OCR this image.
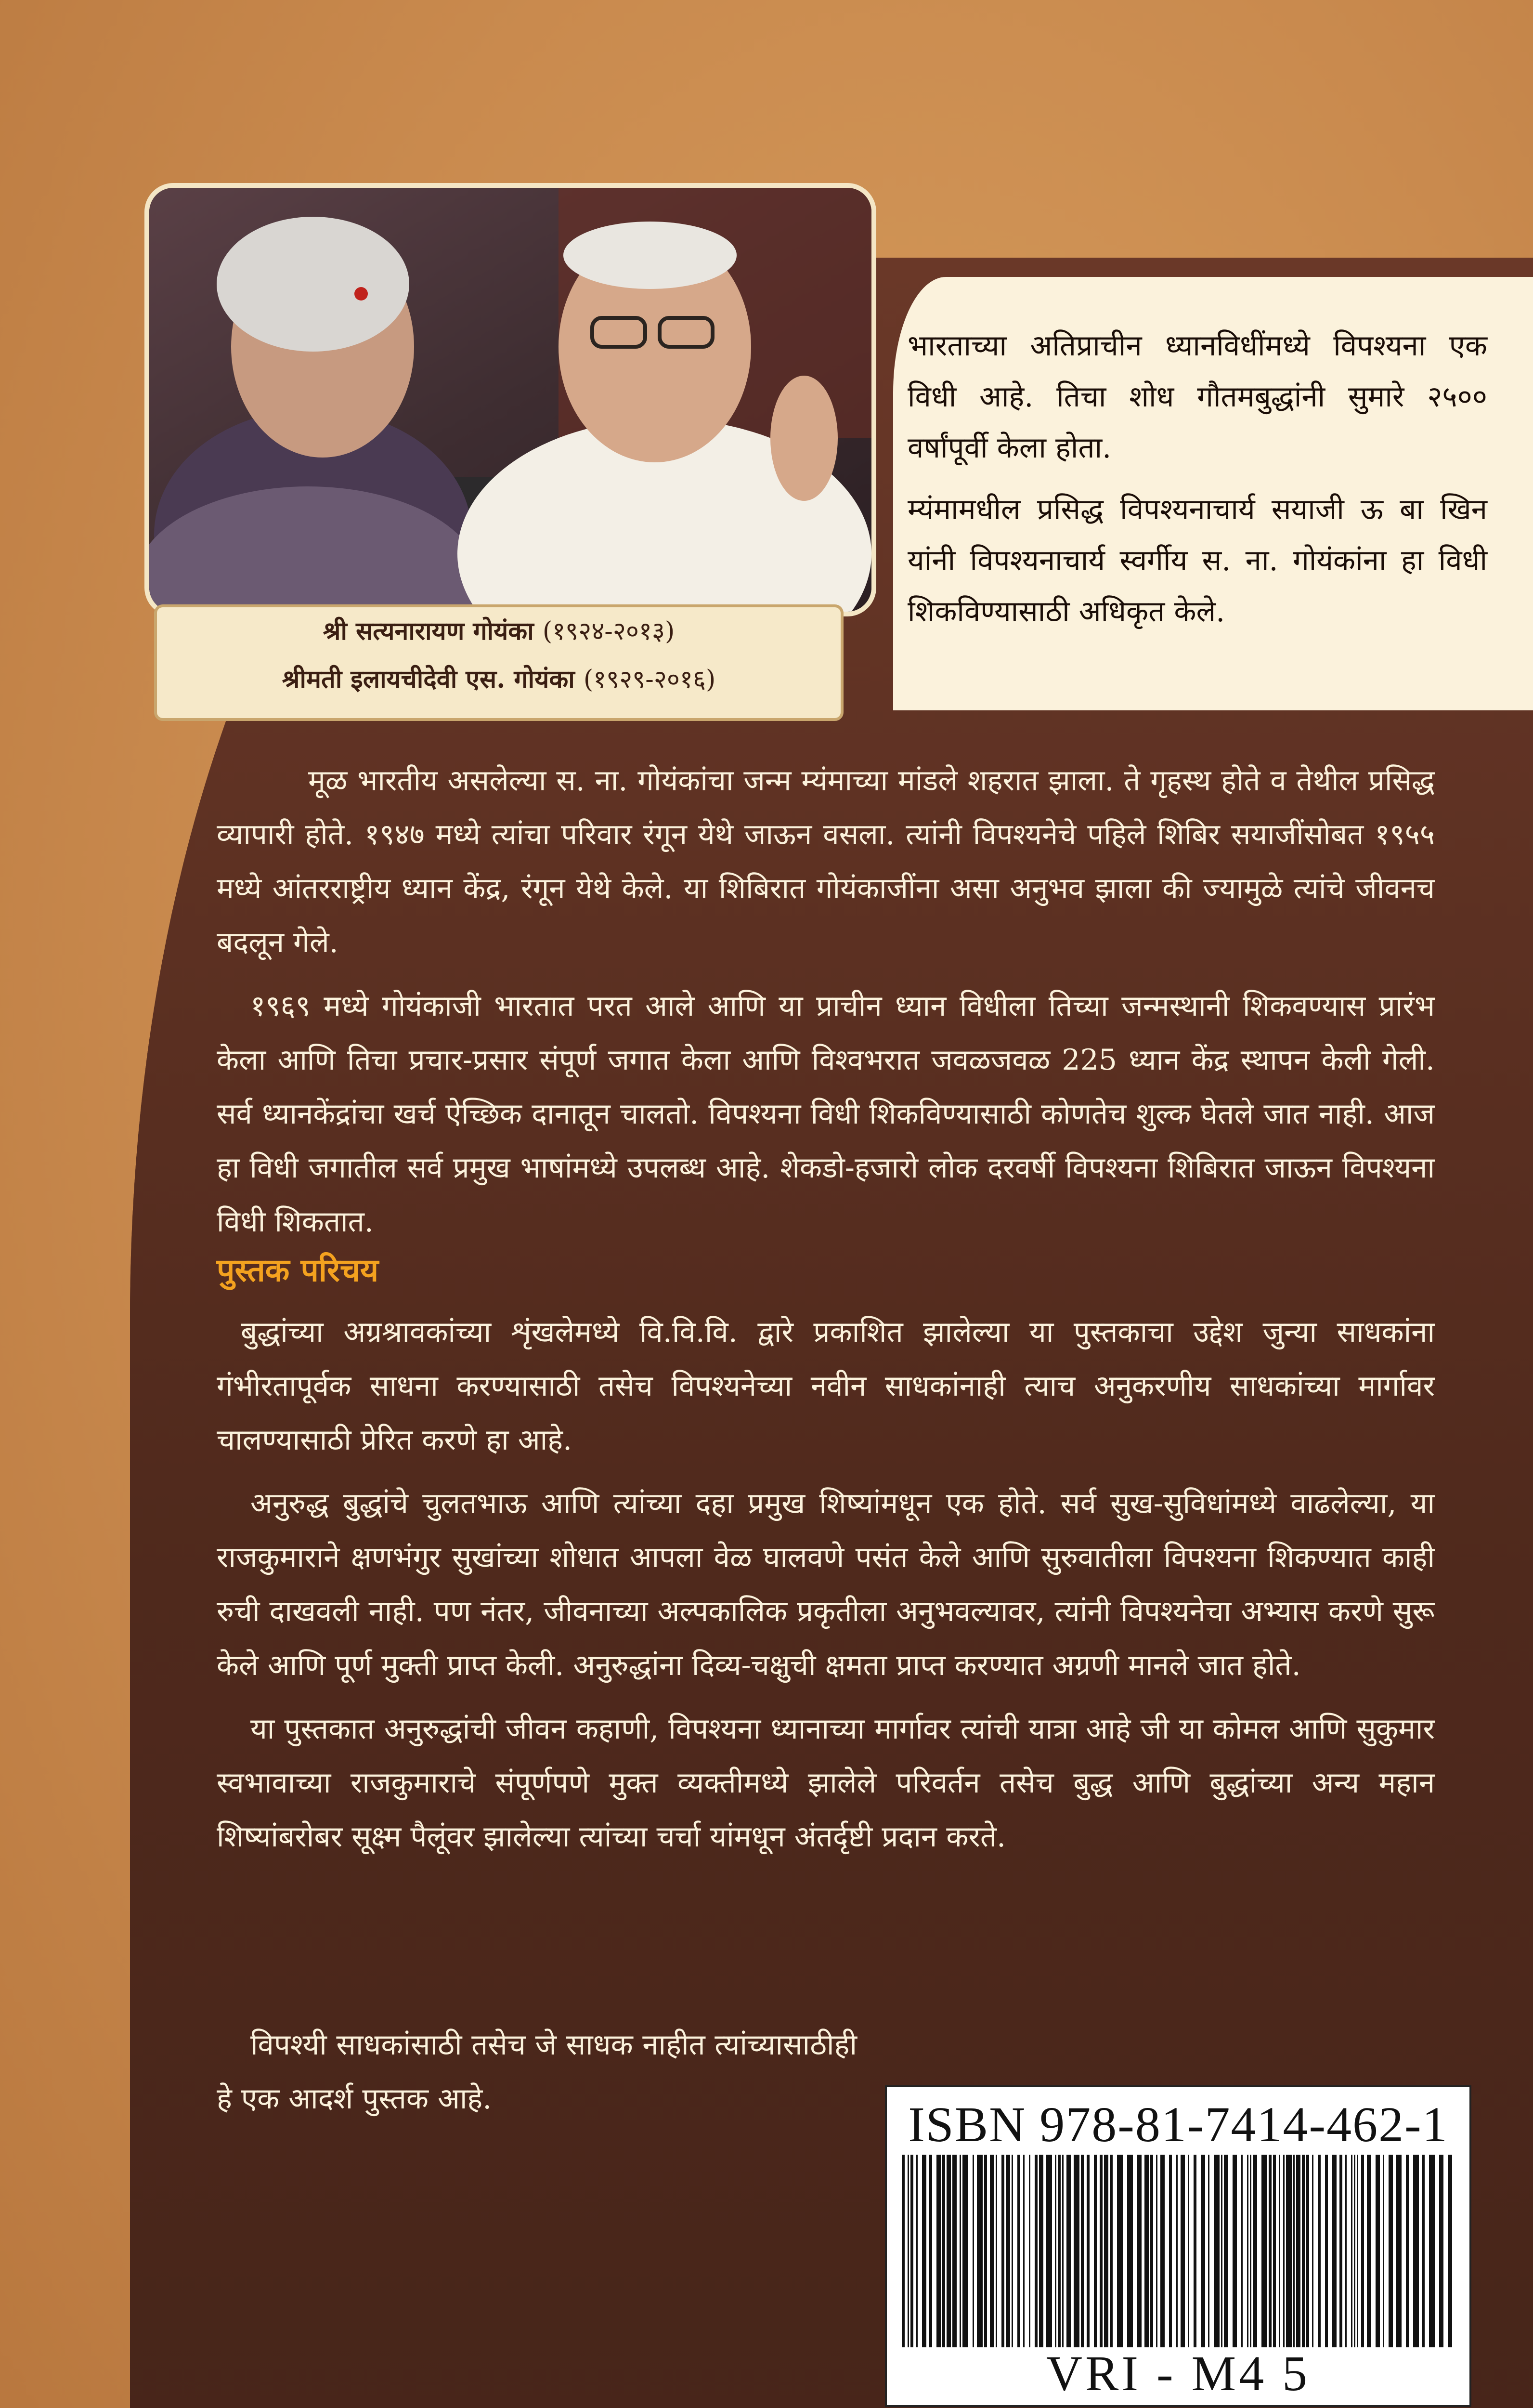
भारताच्या अतिप्राचीन ध्यानविधींमध्ये विपश्यना एक विधी आहे. तिचा शोध गौतमबुद्धांनी सुमारे २५०० वर्षांपूर्वी केला होता.

म्यंमामधील प्रसिद्ध विपश्यनाचार्य सयाजी ऊ बा खिन यांनी विपश्यनाचार्य स्वर्गीय स. ना. गोयंकांना हा विधी शिकविण्यासाठी अधिकृत केले.

श्री सत्यनारायण गोयंका (१९२४-२०१३)
श्रीमती इलायचीदेवी एस. गोयंका (१९२९-२०१६)

मूळ भारतीय असलेल्या स. ना. गोयंकांचा जन्म म्यंमाच्या मांडले शहरात झाला. ते गृहस्थ होते व तेथील प्रसिद्ध व्यापारी होते. १९४७ मध्ये त्यांचा परिवार रंगून येथे जाऊन वसला. त्यांनी विपश्यनेचे पहिले शिबिर सयाजींसोबत १९५५ मध्ये आंतरराष्ट्रीय ध्यान केंद्र, रंगून येथे केले. या शिबिरात गोयंकाजींना असा अनुभव झाला की ज्यामुळे त्यांचे जीवनच बदलून गेले.

१९६९ मध्ये गोयंकाजी भारतात परत आले आणि या प्राचीन ध्यान विधीला तिच्या जन्मस्थानी शिकवण्यास प्रारंभ केला आणि तिचा प्रचार-प्रसार संपूर्ण जगात केला आणि विश्वभरात जवळजवळ 225 ध्यान केंद्र स्थापन केली गेली. सर्व ध्यानकेंद्रांचा खर्च ऐच्छिक दानातून चालतो. विपश्यना विधी शिकविण्यासाठी कोणतेच शुल्क घेतले जात नाही. आज हा विधी जगातील सर्व प्रमुख भाषांमध्ये उपलब्ध आहे. शेकडो-हजारो लोक दरवर्षी विपश्यना शिबिरात जाऊन विपश्यना विधी शिकतात.

पुस्तक परिचय

बुद्धांच्या अग्रश्रावकांच्या शृंखलेमध्ये वि.वि.वि. द्वारे प्रकाशित झालेल्या या पुस्तकाचा उद्देश जुन्या साधकांना गंभीरतापूर्वक साधना करण्यासाठी तसेच विपश्यनेच्या नवीन साधकांनाही त्याच अनुकरणीय साधकांच्या मार्गावर चालण्यासाठी प्रेरित करणे हा आहे.

अनुरुद्ध बुद्धांचे चुलतभाऊ आणि त्यांच्या दहा प्रमुख शिष्यांमधून एक होते. सर्व सुख-सुविधांमध्ये वाढलेल्या, या राजकुमाराने क्षणभंगुर सुखांच्या शोधात आपला वेळ घालवणे पसंत केले आणि सुरुवातीला विपश्यना शिकण्यात काही रुची दाखवली नाही. पण नंतर, जीवनाच्या अल्पकालिक प्रकृतीला अनुभवल्यावर, त्यांनी विपश्यनेचा अभ्यास करणे सुरू केले आणि पूर्ण मुक्ती प्राप्त केली. अनुरुद्धांना दिव्य-चक्षुची क्षमता प्राप्त करण्यात अग्रणी मानले जात होते.

या पुस्तकात अनुरुद्धांची जीवन कहाणी, विपश्यना ध्यानाच्या मार्गावर त्यांची यात्रा आहे जी या कोमल आणि सुकुमार स्वभावाच्या राजकुमाराचे संपूर्णपणे मुक्त व्यक्तीमध्ये झालेले परिवर्तन तसेच बुद्ध आणि बुद्धांच्या अन्य महान शिष्यांबरोबर सूक्ष्म पैलूंवर झालेल्या त्यांच्या चर्चा यांमधून अंतर्दृष्टी प्रदान करते.

विपश्यी साधकांसाठी तसेच जे साधक नाहीत त्यांच्यासाठीही हे एक आदर्श पुस्तक आहे.	ISBN 978-81-7414-462-1
VRI - M4 5
